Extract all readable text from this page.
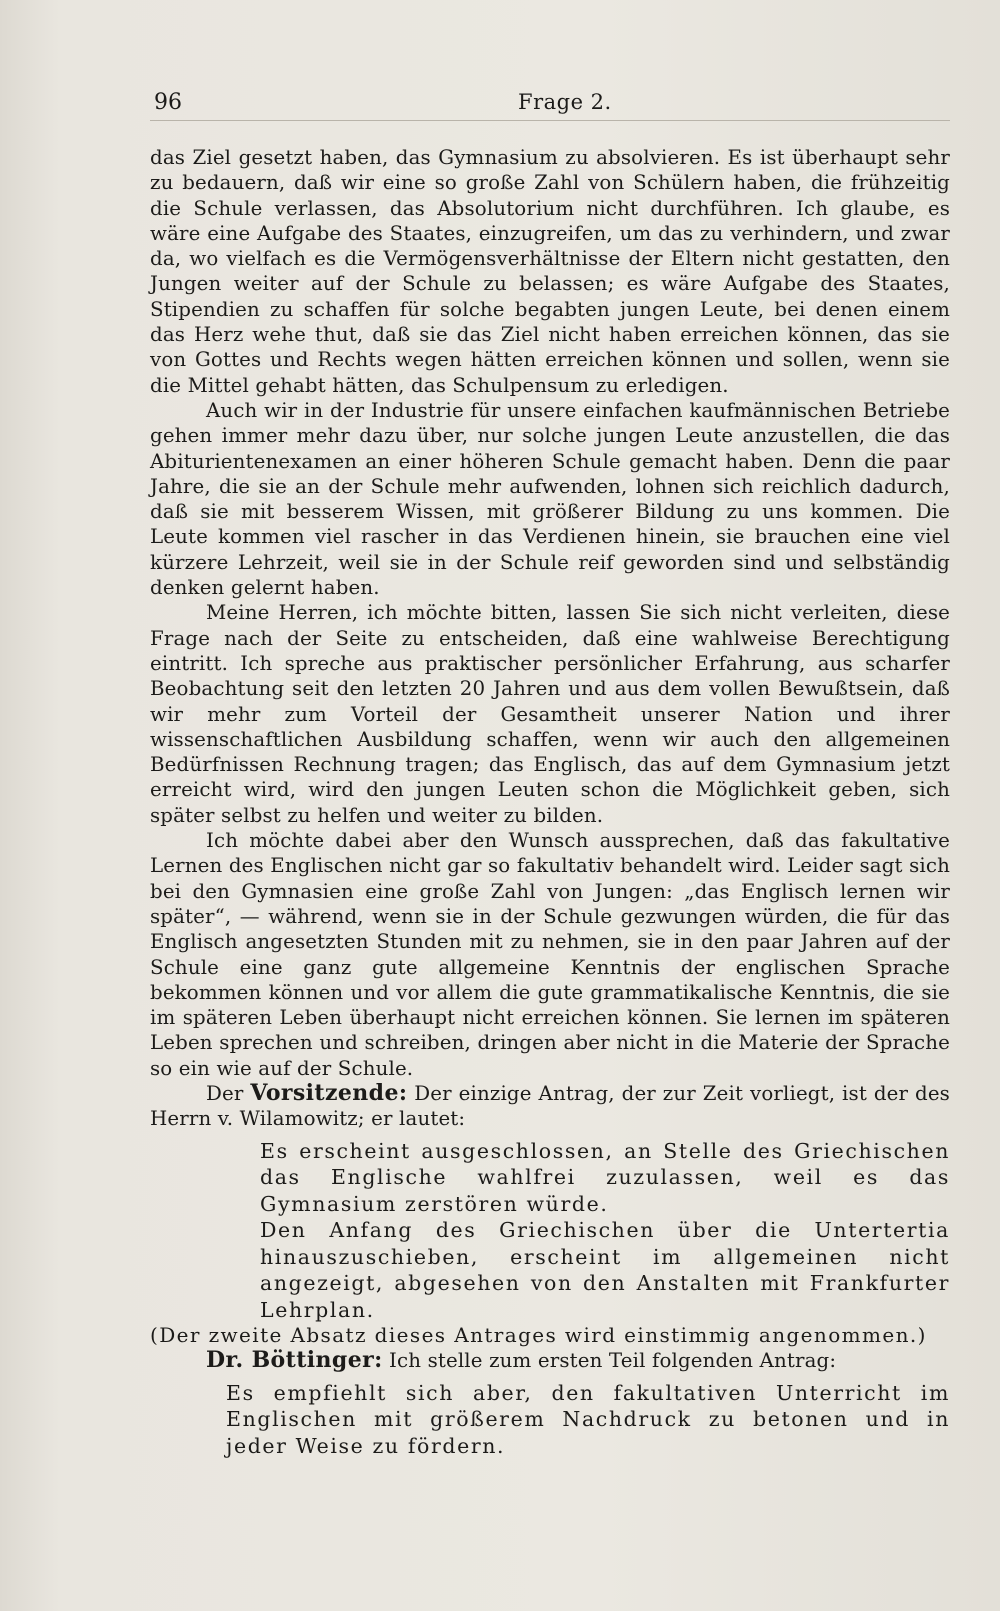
96	Frage 2.

das Ziel gesetzt haben, das Gymnasium zu absolvieren. Es ist überhaupt sehr zu bedauern, daß wir eine so große Zahl von Schülern haben, die frühzeitig die Schule verlassen, das Absolutorium nicht durchführen. Ich glaube, es wäre eine Aufgabe des Staates, einzugreifen, um das zu verhindern, und zwar da, wo vielfach es die Vermögensverhältnisse der Eltern nicht gestatten, den Jungen weiter auf der Schule zu belassen; es wäre Aufgabe des Staates, Stipendien zu schaffen für solche begabten jungen Leute, bei denen einem das Herz wehe thut, daß sie das Ziel nicht haben erreichen können, das sie von Gottes und Rechts wegen hätten erreichen können und sollen, wenn sie die Mittel gehabt hätten, das Schulpensum zu erledigen.

Auch wir in der Industrie für unsere einfachen kaufmännischen Betriebe gehen immer mehr dazu über, nur solche jungen Leute anzustellen, die das Abiturientenexamen an einer höheren Schule gemacht haben. Denn die paar Jahre, die sie an der Schule mehr aufwenden, lohnen sich reichlich dadurch, daß sie mit besserem Wissen, mit größerer Bildung zu uns kommen. Die Leute kommen viel rascher in das Verdienen hinein, sie brauchen eine viel kürzere Lehrzeit, weil sie in der Schule reif geworden sind und selbständig denken gelernt haben.

Meine Herren, ich möchte bitten, lassen Sie sich nicht verleiten, diese Frage nach der Seite zu entscheiden, daß eine wahlweise Berechtigung eintritt. Ich spreche aus praktischer persönlicher Erfahrung, aus scharfer Beobachtung seit den letzten 20 Jahren und aus dem vollen Bewußtsein, daß wir mehr zum Vorteil der Gesamtheit unserer Nation und ihrer wissenschaftlichen Ausbildung schaffen, wenn wir auch den allgemeinen Bedürfnissen Rechnung tragen; das Englisch, das auf dem Gymnasium jetzt erreicht wird, wird den jungen Leuten schon die Möglichkeit geben, sich später selbst zu helfen und weiter zu bilden.

Ich möchte dabei aber den Wunsch aussprechen, daß das fakultative Lernen des Englischen nicht gar so fakultativ behandelt wird. Leider sagt sich bei den Gymnasien eine große Zahl von Jungen: „das Englisch lernen wir später“, — während, wenn sie in der Schule gezwungen würden, die für das Englisch angesetzten Stunden mit zu nehmen, sie in den paar Jahren auf der Schule eine ganz gute allgemeine Kenntnis der englischen Sprache bekommen können und vor allem die gute grammatikalische Kenntnis, die sie im späteren Leben überhaupt nicht erreichen können. Sie lernen im späteren Leben sprechen und schreiben, dringen aber nicht in die Materie der Sprache so ein wie auf der Schule.

Der Vorsitzende: Der einzige Antrag, der zur Zeit vorliegt, ist der des Herrn v. Wilamowitz; er lautet:

Es erscheint ausgeschlossen, an Stelle des Griechischen das Englische wahlfrei zuzulassen, weil es das Gymnasium zerstören würde.

Den Anfang des Griechischen über die Untertertia hinauszuschieben, erscheint im allgemeinen nicht angezeigt, abgesehen von den Anstalten mit Frankfurter Lehrplan.

(Der zweite Absatz dieses Antrages wird einstimmig angenommen.)

Dr. Böttinger: Ich stelle zum ersten Teil folgenden Antrag:

Es empfiehlt sich aber, den fakultativen Unterricht im Englischen mit größerem Nachdruck zu betonen und in jeder Weise zu fördern.
